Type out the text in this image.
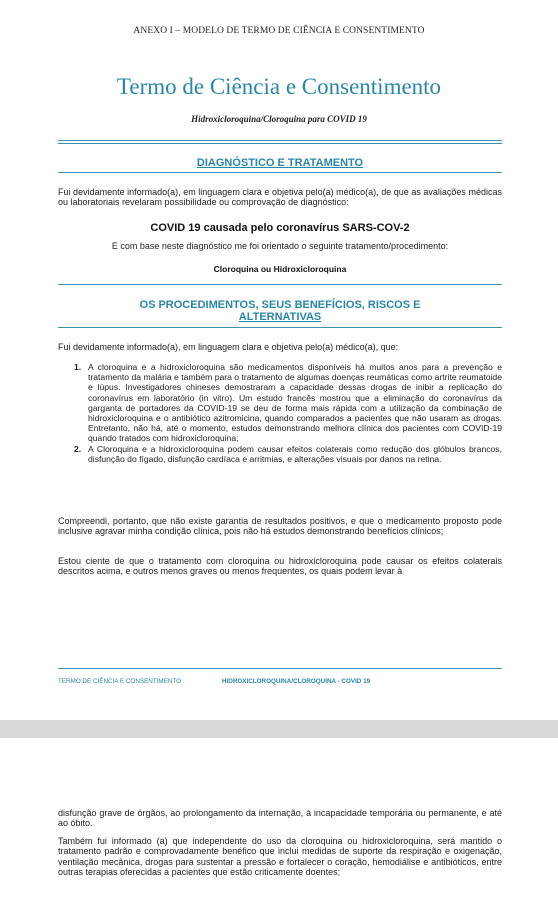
ANEXO I – MODELO DE TERMO DE CIÊNCIA E CONSENTIMENTO
Termo de Ciência e Consentimento
Hidroxicloroquina/Cloroquina para COVID 19
DIAGNÓSTICO E TRATAMENTO
Fui devidamente informado(a), em linguagem clara e objetiva pelo(a) médico(a), de que as avaliações médicas ou laboratoriais revelaram possibilidade ou comprovação de diagnóstico:
COVID 19 causada pelo coronavírus SARS-COV-2
E com base neste diagnóstico me foi orientado o seguinte tratamento/procedimento:
Cloroquina ou Hidroxicloroquina
OS PROCEDIMENTOS, SEUS BENEFÍCIOS, RISCOS E
ALTERNATIVAS
Fui devidamente informado(a), em linguagem clara e objetiva pelo(a) médico(a), que:
1. A cloroquina e a hidroxicloroquina são medicamentos disponíveis há muitos anos para a prevenção e tratamento da malária e também para o tratamento de algumas doenças reumáticas como artrite reumatoide e lúpus. Investigadores chineses demostraram a capacidade dessas drogas de inibir a replicação do coronavírus em laboratório (in vitro). Um estudo francês mostrou que a eliminação do coronavírus da garganta de portadores da COVID-19 se deu de forma mais rápida com a utilização da combinação de hidroxicloroquina e o antibiótico azitromicina, quando comparados a pacientes que não usaram as drogas. Entretanto, não há, até o momento, estudos demonstrando melhora clínica dos pacientes com COVID-19 quando tratados com hidroxicloroquina;
2. A Cloroquina e a hidroxicloroquina podem causar efeitos colaterais como redução dos glóbulos brancos, disfunção do fígado, disfunção cardíaca e arritmias, e alterações visuais por danos na retina.
Compreendi, portanto, que não existe garantia de resultados positivos, e que o medicamento proposto pode inclusive agravar minha condição clínica, pois não há estudos demonstrando benefícios clínicos;
Estou ciente de que o tratamento com cloroquina ou hidroxicloroquina pode causar os efeitos colaterais descritos acima, e outros menos graves ou menos frequentes, os quais podem levar à
TERMO DE CIÊNCIA E CONSENTIMENTO	HIDROXICLOROQUINA/CLOROQUINA - COVID 19
disfunção grave de órgãos, ao prolongamento da internação, à incapacidade temporária ou permanente, e até ao óbito.
Também fui informado (a) que independente do uso da cloroquina ou hidroxicloroquina, será mantido o tratamento padrão e comprovadamente benéfico que inclui medidas de suporte da respiração e oxigenação, ventilação mecânica, drogas para sustentar a pressão e fortalecer o coração, hemodiálise e antibióticos, entre outras terapias oferecidas a pacientes que estão criticamente doentes;
